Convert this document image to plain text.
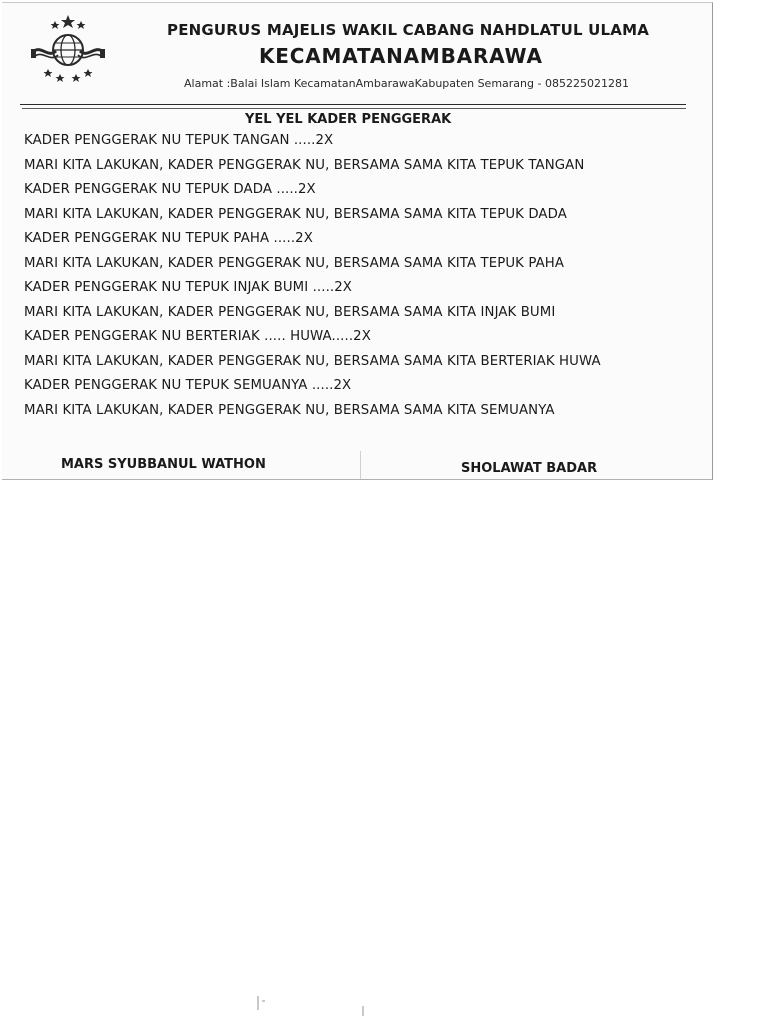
PENGURUS MAJELIS WAKIL CABANG NAHDLATUL ULAMA
KECAMATANAMBARAWA
Alamat :Balai Islam KecamatanAmbarawaKabupaten Semarang - 085225021281
YEL YEL KADER PENGGERAK
KADER PENGGERAK NU TEPUK TANGAN .....2X
MARI KITA LAKUKAN, KADER PENGGERAK NU, BERSAMA SAMA KITA TEPUK TANGAN
KADER PENGGERAK NU TEPUK DADA .....2X
MARI KITA LAKUKAN, KADER PENGGERAK NU, BERSAMA SAMA KITA TEPUK DADA
KADER PENGGERAK NU TEPUK PAHA .....2X
MARI KITA LAKUKAN, KADER PENGGERAK NU, BERSAMA SAMA KITA TEPUK PAHA
KADER PENGGERAK NU TEPUK INJAK BUMI .....2X
MARI KITA LAKUKAN, KADER PENGGERAK NU, BERSAMA SAMA KITA INJAK BUMI
KADER PENGGERAK NU BERTERIAK ..... HUWA.....2X
MARI KITA LAKUKAN, KADER PENGGERAK NU, BERSAMA SAMA KITA BERTERIAK HUWA
KADER PENGGERAK NU TEPUK SEMUANYA .....2X
MARI KITA LAKUKAN, KADER PENGGERAK NU, BERSAMA SAMA KITA SEMUANYA
MARS SYUBBANUL WATHON	SHOLAWAT BADAR
